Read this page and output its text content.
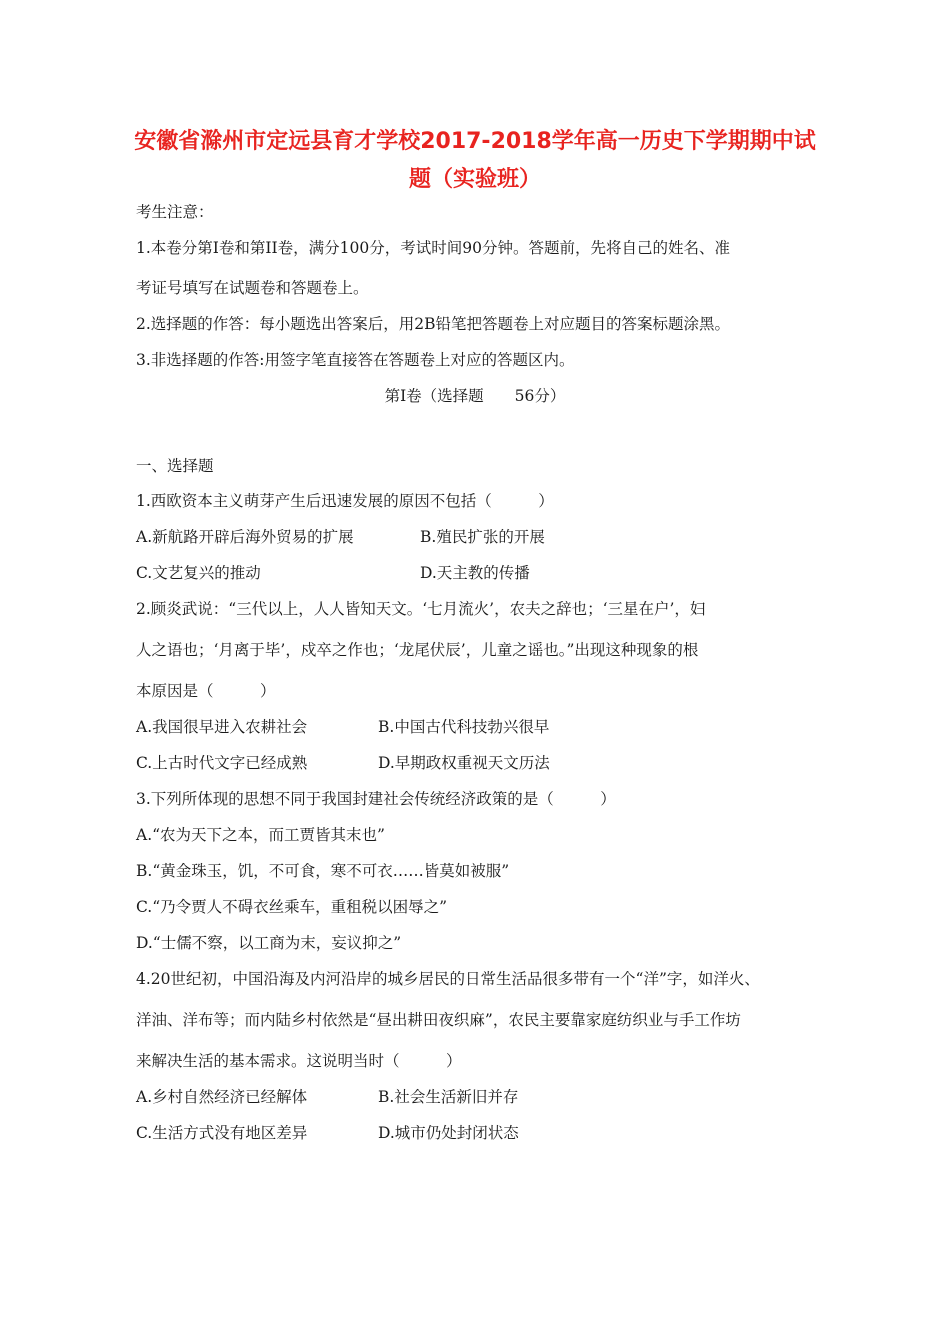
安徽省滁州市定远县育才学校2017-2018学年高一历史下学期期中试
题（实验班）
考生注意：
1.本卷分第I卷和第II卷，满分100分，考试时间90分钟。答题前，先将自己的姓名、准
考证号填写在试题卷和答题卷上。
2.选择题的作答：每小题选出答案后，用2B铅笔把答题卷上对应题目的答案标题涂黑。
3.非选择题的作答:用签字笔直接答在答题卷上对应的答题区内。
第I卷（选择题　　56分）
一、选择题
1.西欧资本主义萌芽产生后迅速发展的原因不包括（　　　）
A.新航路开辟后海外贸易的扩展	B.殖民扩张的开展
C.文艺复兴的推动	D.天主教的传播
2.顾炎武说：“三代以上，人人皆知天文。‘七月流火’，农夫之辞也；‘三星在户’，妇
人之语也；‘月离于毕’，戍卒之作也；‘龙尾伏辰’，儿童之谣也。”出现这种现象的根
本原因是（　　　）
A.我国很早进入农耕社会	B.中国古代科技勃兴很早
C.上古时代文字已经成熟	D.早期政权重视天文历法
3.下列所体现的思想不同于我国封建社会传统经济政策的是（　　　）
A.“农为天下之本，而工贾皆其末也”
B.“黄金珠玉，饥，不可食，寒不可衣……皆莫如被服”
C.“乃令贾人不碍衣丝乘车，重租税以困辱之”
D.“士儒不察，以工商为末，妄议抑之”
4.20世纪初，中国沿海及内河沿岸的城乡居民的日常生活品很多带有一个“洋”字，如洋火、
洋油、洋布等；而内陆乡村依然是“昼出耕田夜织麻”，农民主要靠家庭纺织业与手工作坊
来解决生活的基本需求。这说明当时（　　　）
A.乡村自然经济已经解体	B.社会生活新旧并存
C.生活方式没有地区差异	D.城市仍处封闭状态
